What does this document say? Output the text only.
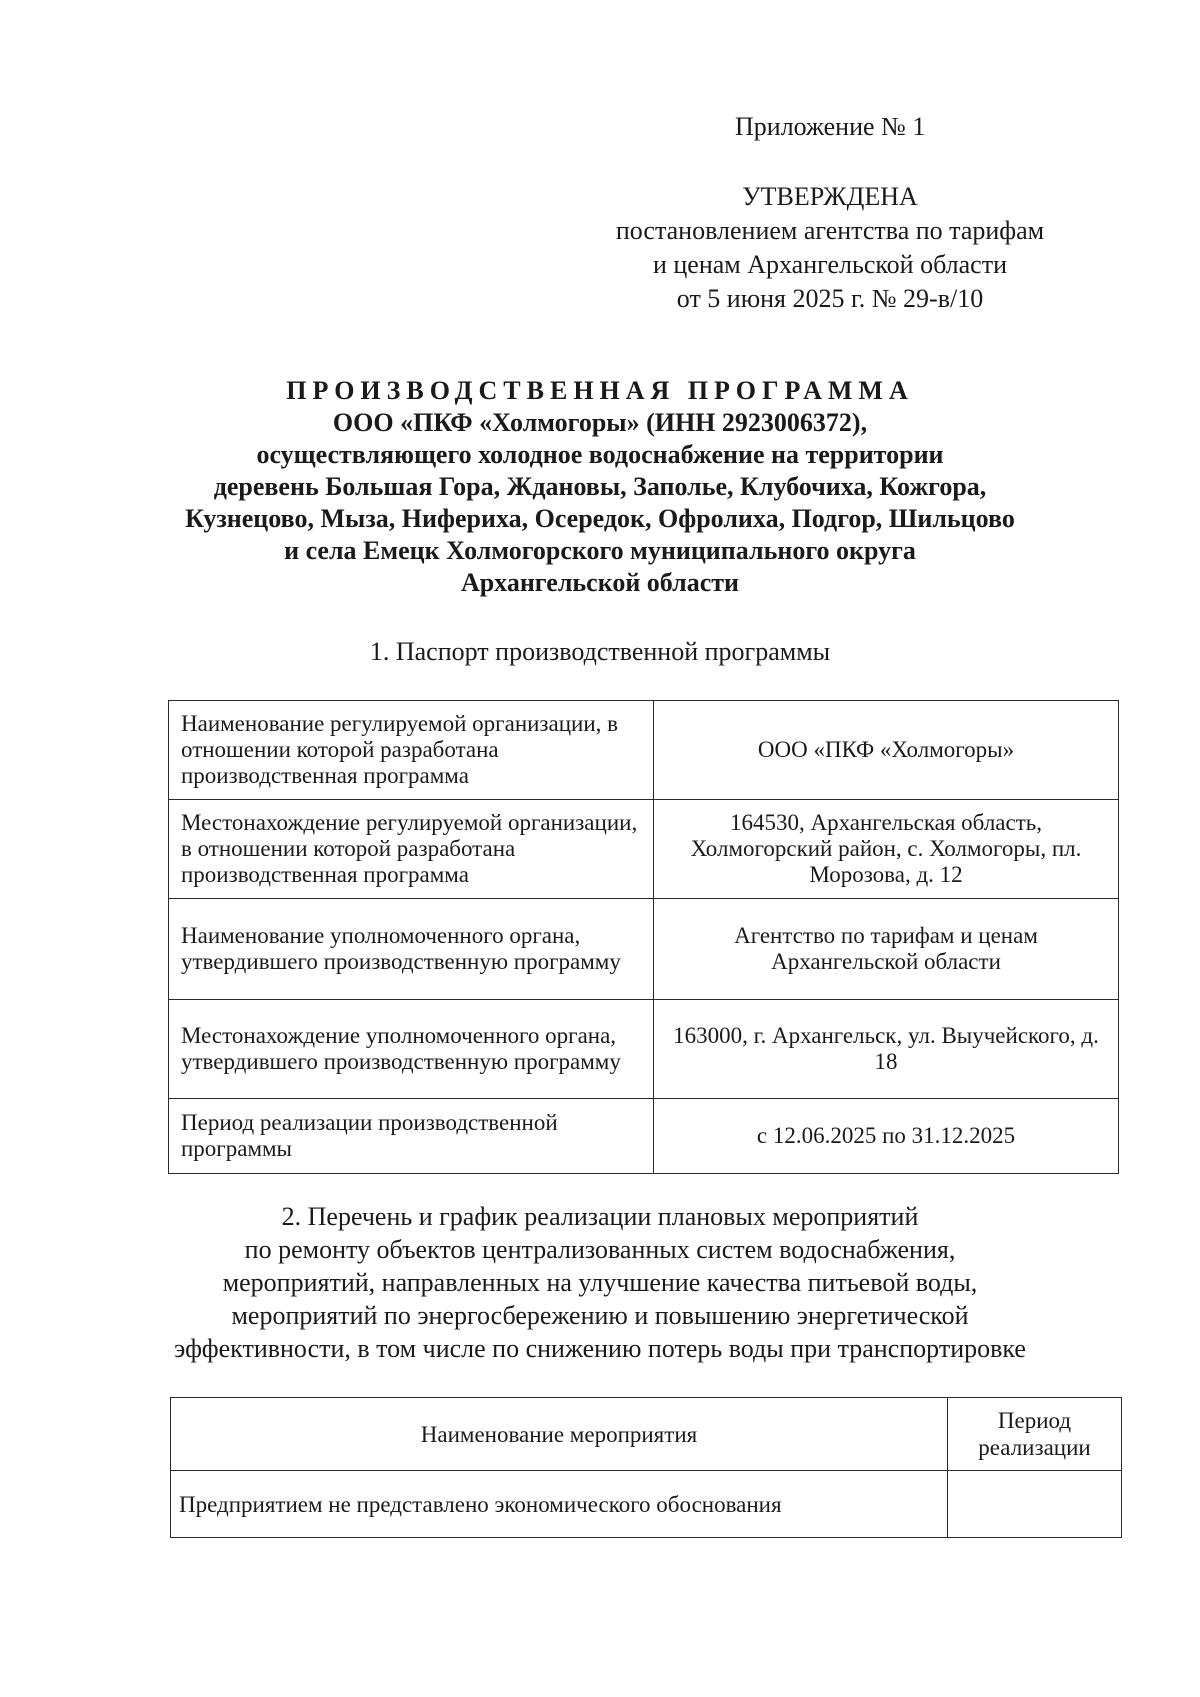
Приложение № 1
УТВЕРЖДЕНА
постановлением агентства по тарифам
и ценам Архангельской области
от 5 июня 2025 г. № 29-в/10
ПРОИЗВОДСТВЕННАЯ ПРОГРАММА
ООО «ПКФ «Холмогоры» (ИНН 2923006372),
осуществляющего холодное водоснабжение на территории
деревень Большая Гора, Ждановы, Заполье, Клубочиха, Кожгора,
Кузнецово, Мыза, Нифериха, Осередок, Офролиха, Подгор, Шильцово
и села Емецк Холмогорского муниципального округа
Архангельской области
1. Паспорт производственной программы
Наименование регулируемой организации, в отношении которой разработана производственная программа	ООО «ПКФ «Холмогоры»
Местонахождение регулируемой организации, в отношении которой разработана производственная программа	164530, Архангельская область, Холмогорский район, с. Холмогоры, пл. Морозова, д. 12
Наименование уполномоченного органа, утвердившего производственную программу	Агентство по тарифам и ценам Архангельской области
Местонахождение уполномоченного органа, утвердившего производственную программу	163000, г. Архангельск, ул. Выучейского, д. 18
Период реализации производственной программы	с 12.06.2025 по 31.12.2025
2. Перечень и график реализации плановых мероприятий
по ремонту объектов централизованных систем водоснабжения,
мероприятий, направленных на улучшение качества питьевой воды,
мероприятий по энергосбережению и повышению энергетической
эффективности, в том числе по снижению потерь воды при транспортировке
Наименование мероприятия	Период реализации
Предприятием не представлено экономического обоснования	
